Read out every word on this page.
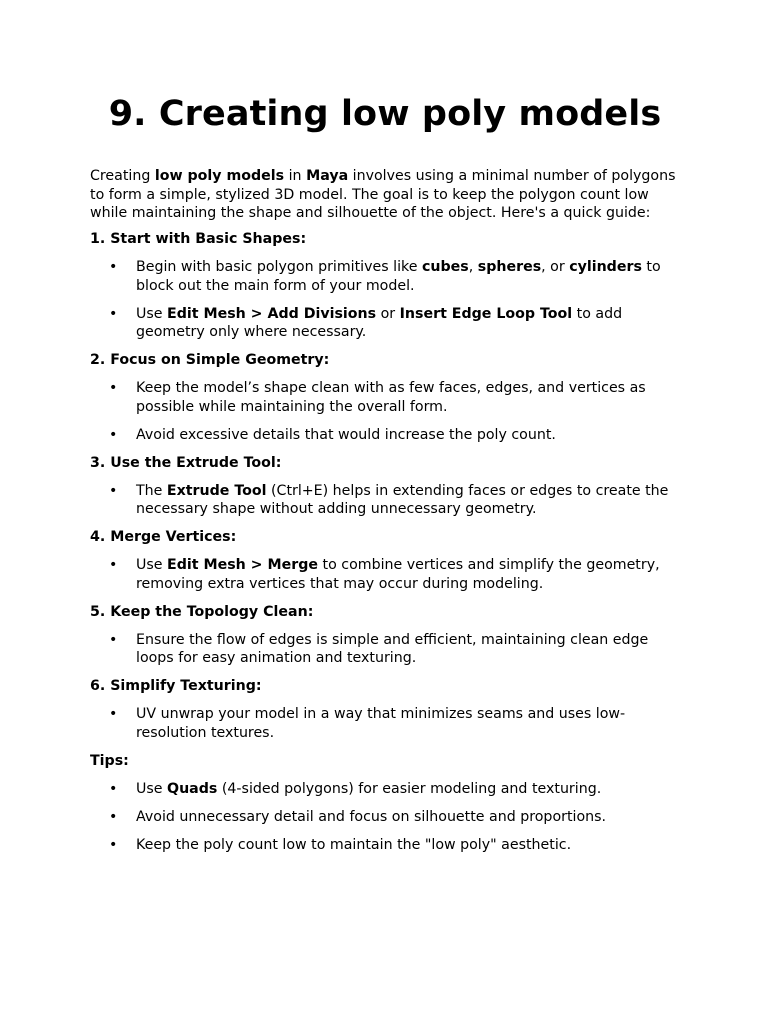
9. Creating low poly models

Creating low poly models in Maya involves using a minimal number of polygons to form a simple, stylized 3D model. The goal is to keep the polygon count low while maintaining the shape and silhouette of the object. Here's a quick guide:

1. Start with Basic Shapes:
• Begin with basic polygon primitives like cubes, spheres, or cylinders to block out the main form of your model.
• Use Edit Mesh > Add Divisions or Insert Edge Loop Tool to add geometry only where necessary.
2. Focus on Simple Geometry:
• Keep the model’s shape clean with as few faces, edges, and vertices as possible while maintaining the overall form.
• Avoid excessive details that would increase the poly count.
3. Use the Extrude Tool:
• The Extrude Tool (Ctrl+E) helps in extending faces or edges to create the necessary shape without adding unnecessary geometry.
4. Merge Vertices:
• Use Edit Mesh > Merge to combine vertices and simplify the geometry, removing extra vertices that may occur during modeling.
5. Keep the Topology Clean:
• Ensure the flow of edges is simple and efficient, maintaining clean edge loops for easy animation and texturing.
6. Simplify Texturing:
• UV unwrap your model in a way that minimizes seams and uses low-resolution textures.
Tips:
• Use Quads (4-sided polygons) for easier modeling and texturing.
• Avoid unnecessary detail and focus on silhouette and proportions.
• Keep the poly count low to maintain the "low poly" aesthetic.
